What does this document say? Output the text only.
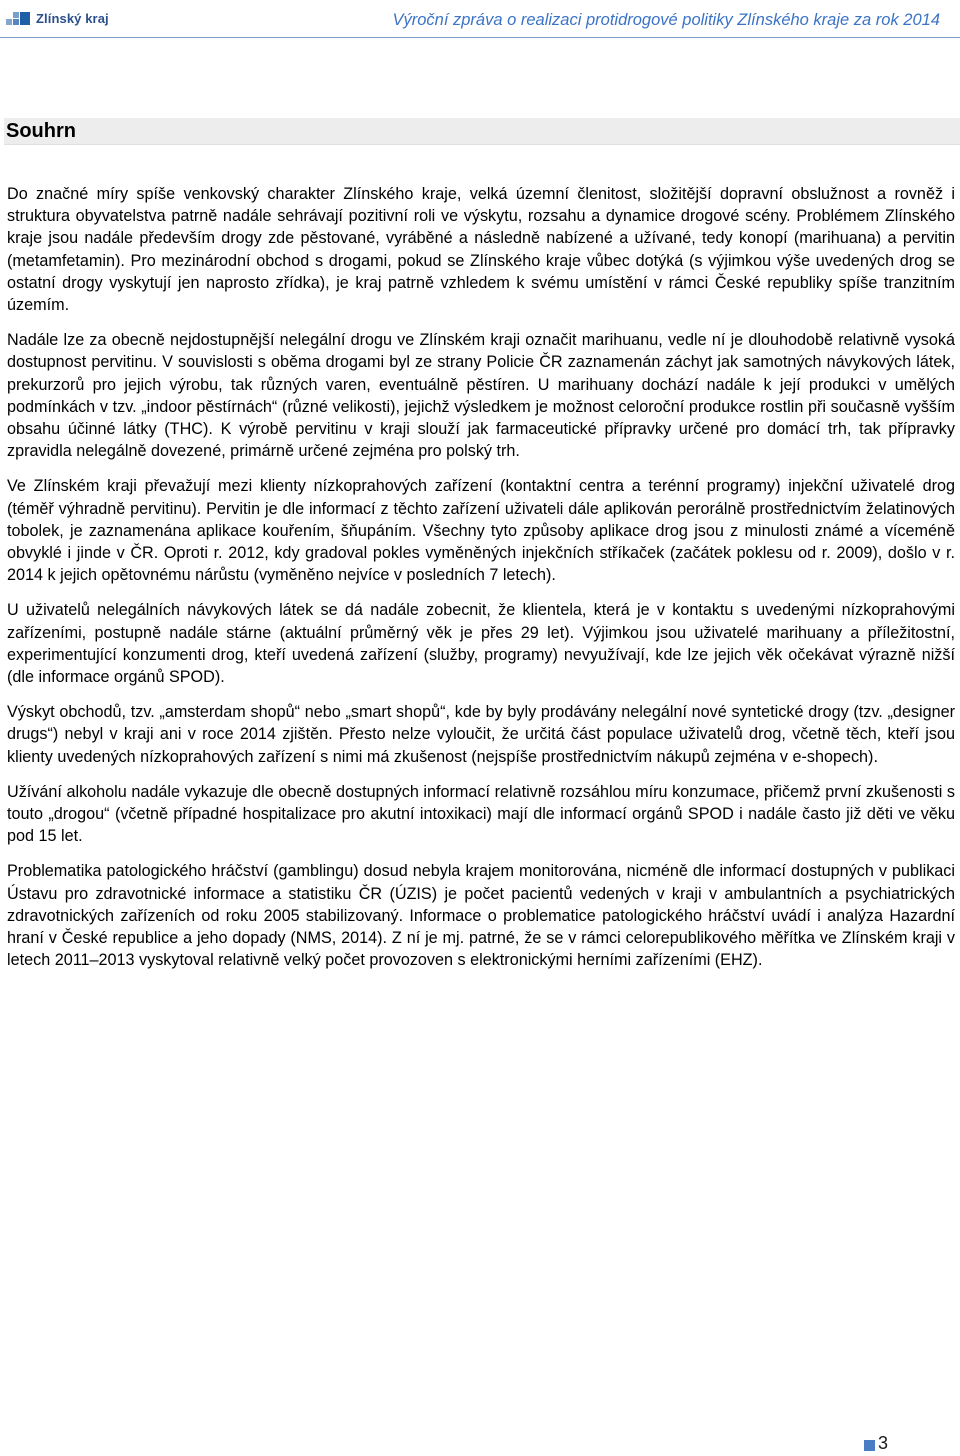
Zlínský kraj	Výroční zpráva o realizaci protidrogové politiky Zlínského kraje za rok 2014
Souhrn

Do značné míry spíše venkovský charakter Zlínského kraje, velká územní členitost, složitější dopravní obslužnost a rovněž i struktura obyvatelstva patrně nadále sehrávají pozitivní roli ve výskytu, rozsahu a dynamice drogové scény. Problémem Zlínského kraje jsou nadále především drogy zde pěstované, vyráběné a následně nabízené a užívané, tedy konopí (marihuana) a pervitin (metamfetamin). Pro mezinárodní obchod s drogami, pokud se Zlínského kraje vůbec dotýká (s výjimkou výše uvedených drog se ostatní drogy vyskytují jen naprosto zřídka), je kraj patrně vzhledem k svému umístění v rámci České republiky spíše tranzitním územím.

Nadále lze za obecně nejdostupnější nelegální drogu ve Zlínském kraji označit marihuanu, vedle ní je dlouhodobě relativně vysoká dostupnost pervitinu. V souvislosti s oběma drogami byl ze strany Policie ČR zaznamenán záchyt jak samotných návykových látek, prekurzorů pro jejich výrobu, tak různých varen, eventuálně pěstíren. U marihuany dochází nadále k její produkci v umělých podmínkách v tzv. „indoor pěstírnách“ (různé velikosti), jejichž výsledkem je možnost celoroční produkce rostlin při současně vyšším obsahu účinné látky (THC). K výrobě pervitinu v kraji slouží jak farmaceutické přípravky určené pro domácí trh, tak přípravky zpravidla nelegálně dovezené, primárně určené zejména pro polský trh.

Ve Zlínském kraji převažují mezi klienty nízkoprahových zařízení (kontaktní centra a terénní programy) injekční uživatelé drog (téměř výhradně pervitinu). Pervitin je dle informací z těchto zařízení uživateli dále aplikován perorálně prostřednictvím želatinových tobolek, je zaznamenána aplikace kouřením, šňupáním. Všechny tyto způsoby aplikace drog jsou z minulosti známé a víceméně obvyklé i jinde v ČR. Oproti r. 2012, kdy gradoval pokles vyměněných injekčních stříkaček (začátek poklesu od r. 2009), došlo v r. 2014 k jejich opětovnému nárůstu (vyměněno nejvíce v posledních 7 letech).

U uživatelů nelegálních návykových látek se dá nadále zobecnit, že klientela, která je v kontaktu s uvedenými nízkoprahovými zařízeními, postupně nadále stárne (aktuální průměrný věk je přes 29 let). Výjimkou jsou uživatelé marihuany a příležitostní, experimentující konzumenti drog, kteří uvedená zařízení (služby, programy) nevyužívají, kde lze jejich věk očekávat výrazně nižší (dle informace orgánů SPOD).

Výskyt obchodů, tzv. „amsterdam shopů“ nebo „smart shopů“, kde by byly prodávány nelegální nové syntetické drogy (tzv. „designer drugs“) nebyl v kraji ani v roce 2014 zjištěn. Přesto nelze vyloučit, že určitá část populace uživatelů drog, včetně těch, kteří jsou klienty uvedených nízkoprahových zařízení s nimi má zkušenost (nejspíše prostřednictvím nákupů zejména v e-shopech).

Užívání alkoholu nadále vykazuje dle obecně dostupných informací relativně rozsáhlou míru konzumace, přičemž první zkušenosti s touto „drogou“ (včetně případné hospitalizace pro akutní intoxikaci) mají dle informací orgánů SPOD i nadále často již děti ve věku pod 15 let.

Problematika patologického hráčství (gamblingu) dosud nebyla krajem monitorována, nicméně dle informací dostupných v publikaci Ústavu pro zdravotnické informace a statistiku ČR (ÚZIS) je počet pacientů vedených v kraji v ambulantních a psychiatrických zdravotnických zařízeních od roku 2005 stabilizovaný. Informace o problematice patologického hráčství uvádí i analýza Hazardní hraní v České republice a jeho dopady (NMS, 2014). Z ní je mj. patrné, že se v rámci celorepublikového měřítka ve Zlínském kraji v letech 2011–2013 vyskytoval relativně velký počet provozoven s elektronickými herními zařízeními (EHZ).

3
